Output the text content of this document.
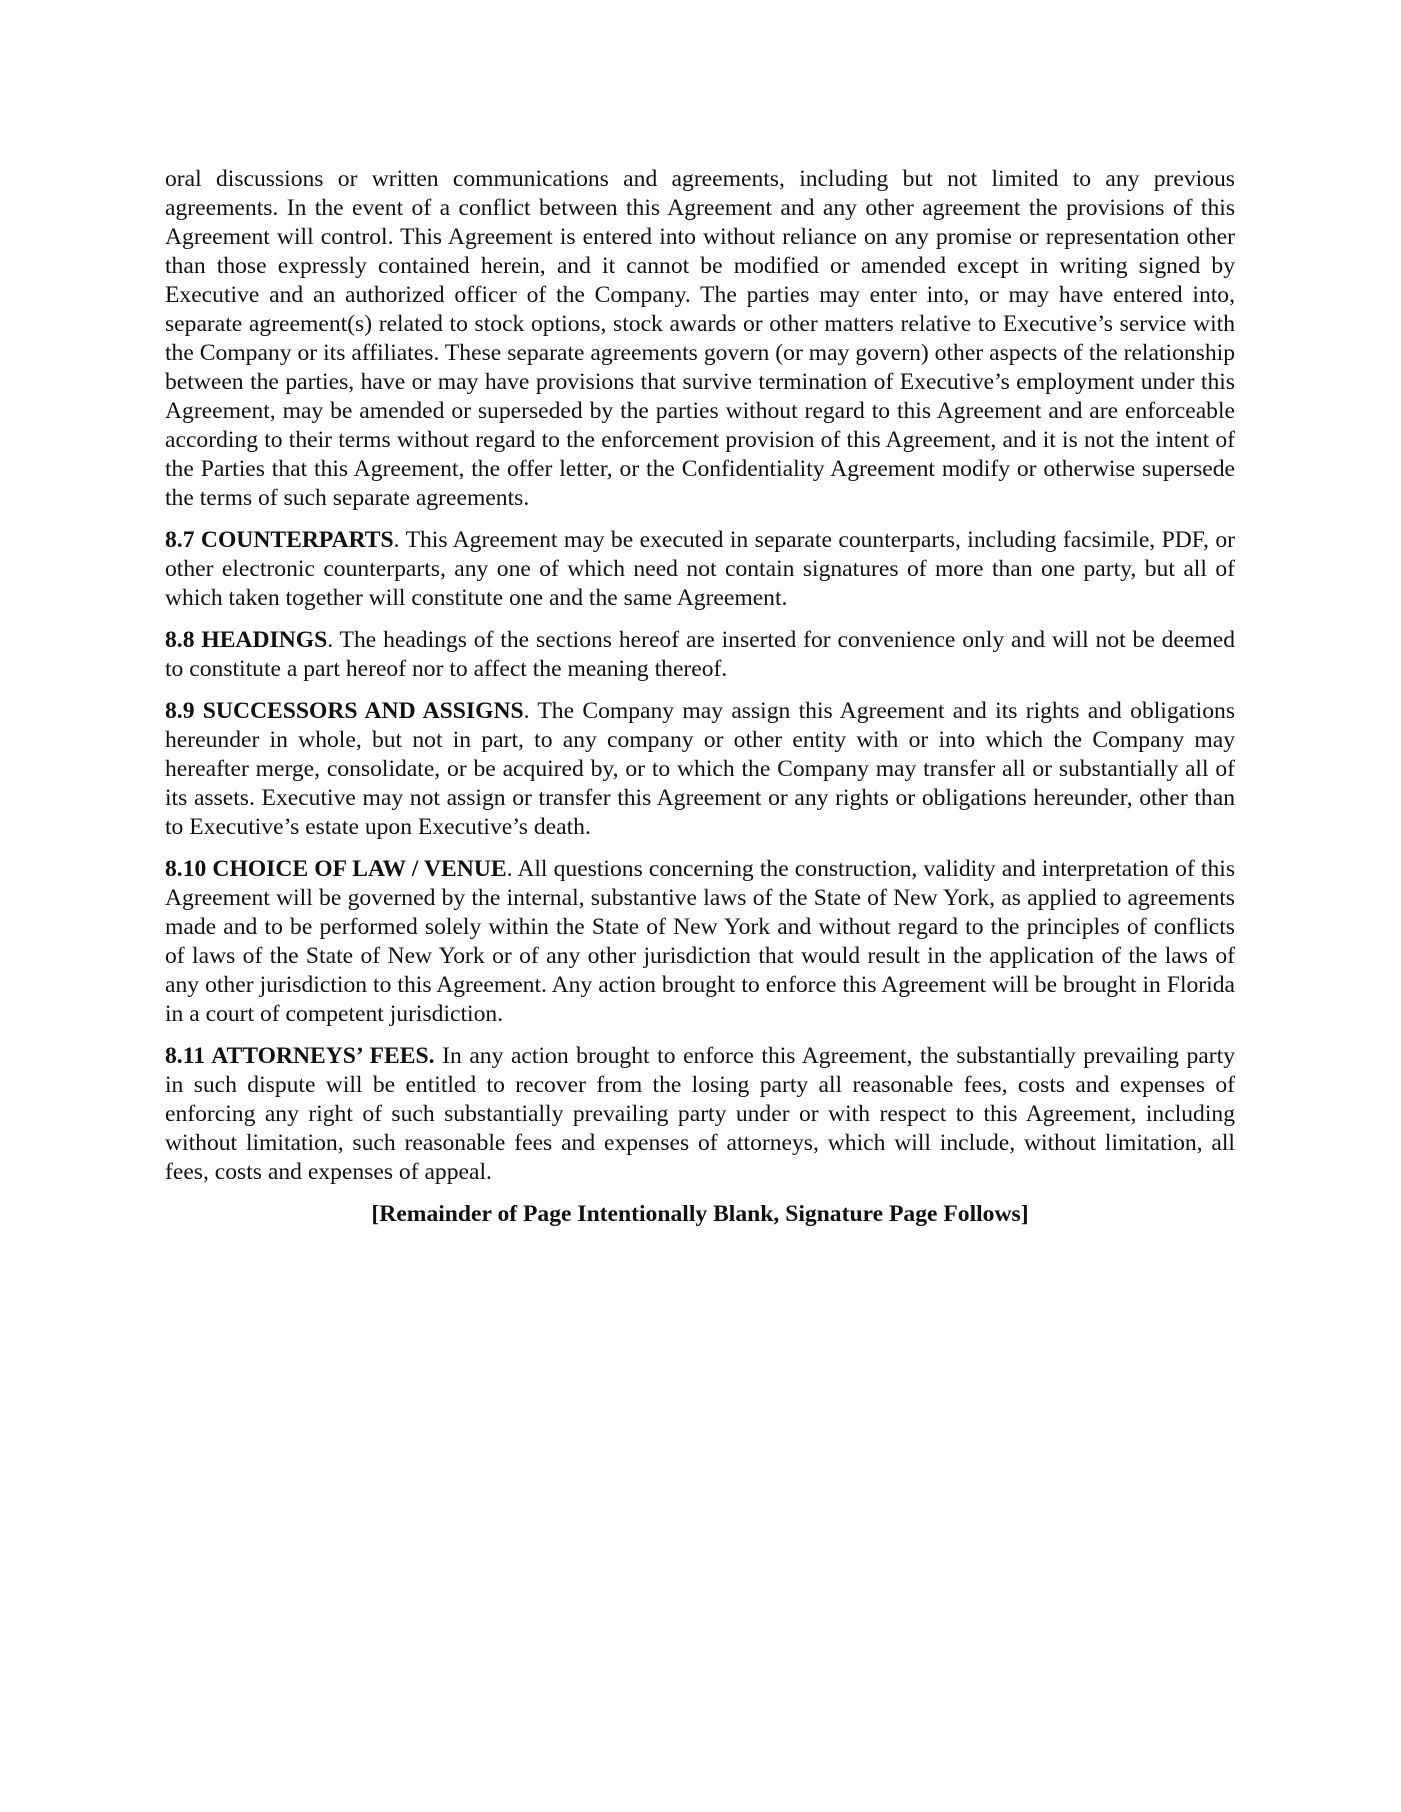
oral discussions or written communications and agreements, including but not limited to any previous agreements. In the event of a conflict between this Agreement and any other agreement the provisions of this Agreement will control. This Agreement is entered into without reliance on any promise or representation other than those expressly contained herein, and it cannot be modified or amended except in writing signed by Executive and an authorized officer of the Company. The parties may enter into, or may have entered into, separate agreement(s) related to stock options, stock awards or other matters relative to Executive’s service with the Company or its affiliates. These separate agreements govern (or may govern) other aspects of the relationship between the parties, have or may have provisions that survive termination of Executive’s employment under this Agreement, may be amended or superseded by the parties without regard to this Agreement and are enforceable according to their terms without regard to the enforcement provision of this Agreement, and it is not the intent of the Parties that this Agreement, the offer letter, or the Confidentiality Agreement modify or otherwise supersede the terms of such separate agreements.

8.7 COUNTERPARTS. This Agreement may be executed in separate counterparts, including facsimile, PDF, or other electronic counterparts, any one of which need not contain signatures of more than one party, but all of which taken together will constitute one and the same Agreement.

8.8 HEADINGS. The headings of the sections hereof are inserted for convenience only and will not be deemed to constitute a part hereof nor to affect the meaning thereof.

8.9 SUCCESSORS AND ASSIGNS. The Company may assign this Agreement and its rights and obligations hereunder in whole, but not in part, to any company or other entity with or into which the Company may hereafter merge, consolidate, or be acquired by, or to which the Company may transfer all or substantially all of its assets. Executive may not assign or transfer this Agreement or any rights or obligations hereunder, other than to Executive’s estate upon Executive’s death.

8.10 CHOICE OF LAW / VENUE. All questions concerning the construction, validity and interpretation of this Agreement will be governed by the internal, substantive laws of the State of New York, as applied to agreements made and to be performed solely within the State of New York and without regard to the principles of conflicts of laws of the State of New York or of any other jurisdiction that would result in the application of the laws of any other jurisdiction to this Agreement. Any action brought to enforce this Agreement will be brought in Florida in a court of competent jurisdiction.

8.11 ATTORNEYS’ FEES. In any action brought to enforce this Agreement, the substantially prevailing party in such dispute will be entitled to recover from the losing party all reasonable fees, costs and expenses of enforcing any right of such substantially prevailing party under or with respect to this Agreement, including without limitation, such reasonable fees and expenses of attorneys, which will include, without limitation, all fees, costs and expenses of appeal.

[Remainder of Page Intentionally Blank, Signature Page Follows]
